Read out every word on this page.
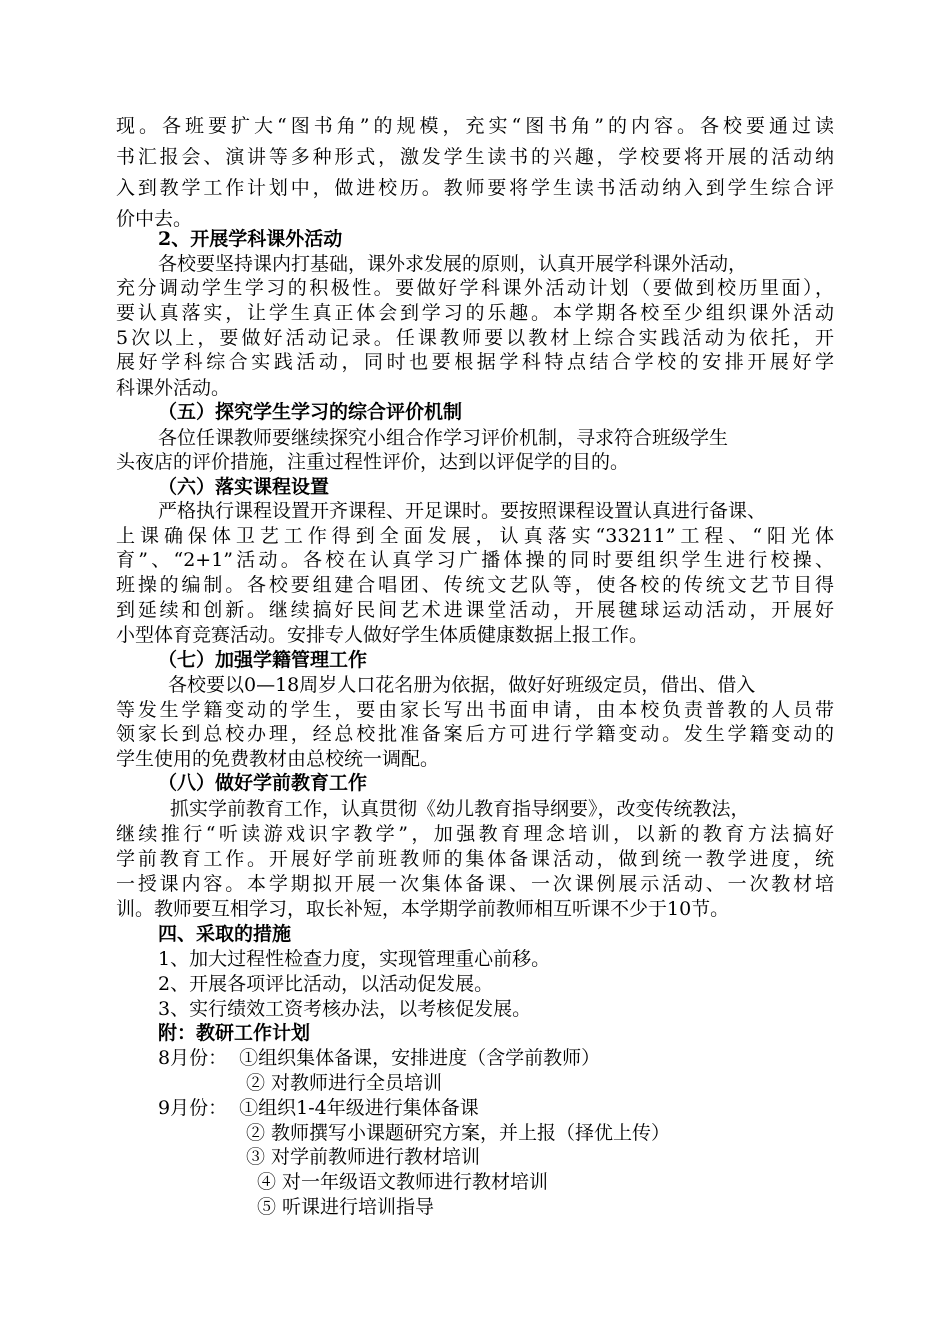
现。各班要扩大“图书角”的规模，充实“图书角”的内容。各校要通过读
书汇报会、演讲等多种形式，激发学生读书的兴趣，学校要将开展的活动纳
入到教学工作计划中，做进校历。教师要将学生读书活动纳入到学生综合评
价中去。
2、开展学科课外活动
各校要坚持课内打基础，课外求发展的原则，认真开展学科课外活动，
充分调动学生学习的积极性。要做好学科课外活动计划（要做到校历里面），
要认真落实，让学生真正体会到学习的乐趣。本学期各校至少组织课外活动
5次以上，要做好活动记录。任课教师要以教材上综合实践活动为依托，开
展好学科综合实践活动，同时也要根据学科特点结合学校的安排开展好学
科课外活动。
（五）探究学生学习的综合评价机制
各位任课教师要继续探究小组合作学习评价机制，寻求符合班级学生
头夜店的评价措施，注重过程性评价，达到以评促学的目的。
（六）落实课程设置
严格执行课程设置开齐课程、开足课时。要按照课程设置认真进行备课、
上课确保体卫艺工作得到全面发展，认真落实“33211”工程、“阳光体
育”、“2+1”活动。各校在认真学习广播体操的同时要组织学生进行校操、
班操的编制。各校要组建合唱团、传统文艺队等，使各校的传统文艺节目得
到延续和创新。继续搞好民间艺术进课堂活动，开展毽球运动活动，开展好
小型体育竞赛活动。安排专人做好学生体质健康数据上报工作。
（七）加强学籍管理工作
各校要以0—18周岁人口花名册为依据，做好好班级定员，借出、借入
等发生学籍变动的学生，要由家长写出书面申请，由本校负责普教的人员带
领家长到总校办理，经总校批准备案后方可进行学籍变动。发生学籍变动的
学生使用的免费教材由总校统一调配。
（八）做好学前教育工作
抓实学前教育工作，认真贯彻《幼儿教育指导纲要》，改变传统教法，
继续推行“听读游戏识字教学”，加强教育理念培训，以新的教育方法搞好
学前教育工作。开展好学前班教师的集体备课活动，做到统一教学进度，统
一授课内容。本学期拟开展一次集体备课、一次课例展示活动、一次教材培
训。教师要互相学习，取长补短，本学期学前教师相互听课不少于10节。
四、采取的措施
1、加大过程性检查力度，实现管理重心前移。
2、开展各项评比活动，以活动促发展。
3、实行绩效工资考核办法，以考核促发展。
附：教研工作计划
8月份：  ①组织集体备课，安排进度（含学前教师）
② 对教师进行全员培训
9月份：  ①组织1-4年级进行集体备课
② 教师撰写小课题研究方案，并上报（择优上传）
③ 对学前教师进行教材培训
④ 对一年级语文教师进行教材培训
⑤ 听课进行培训指导
